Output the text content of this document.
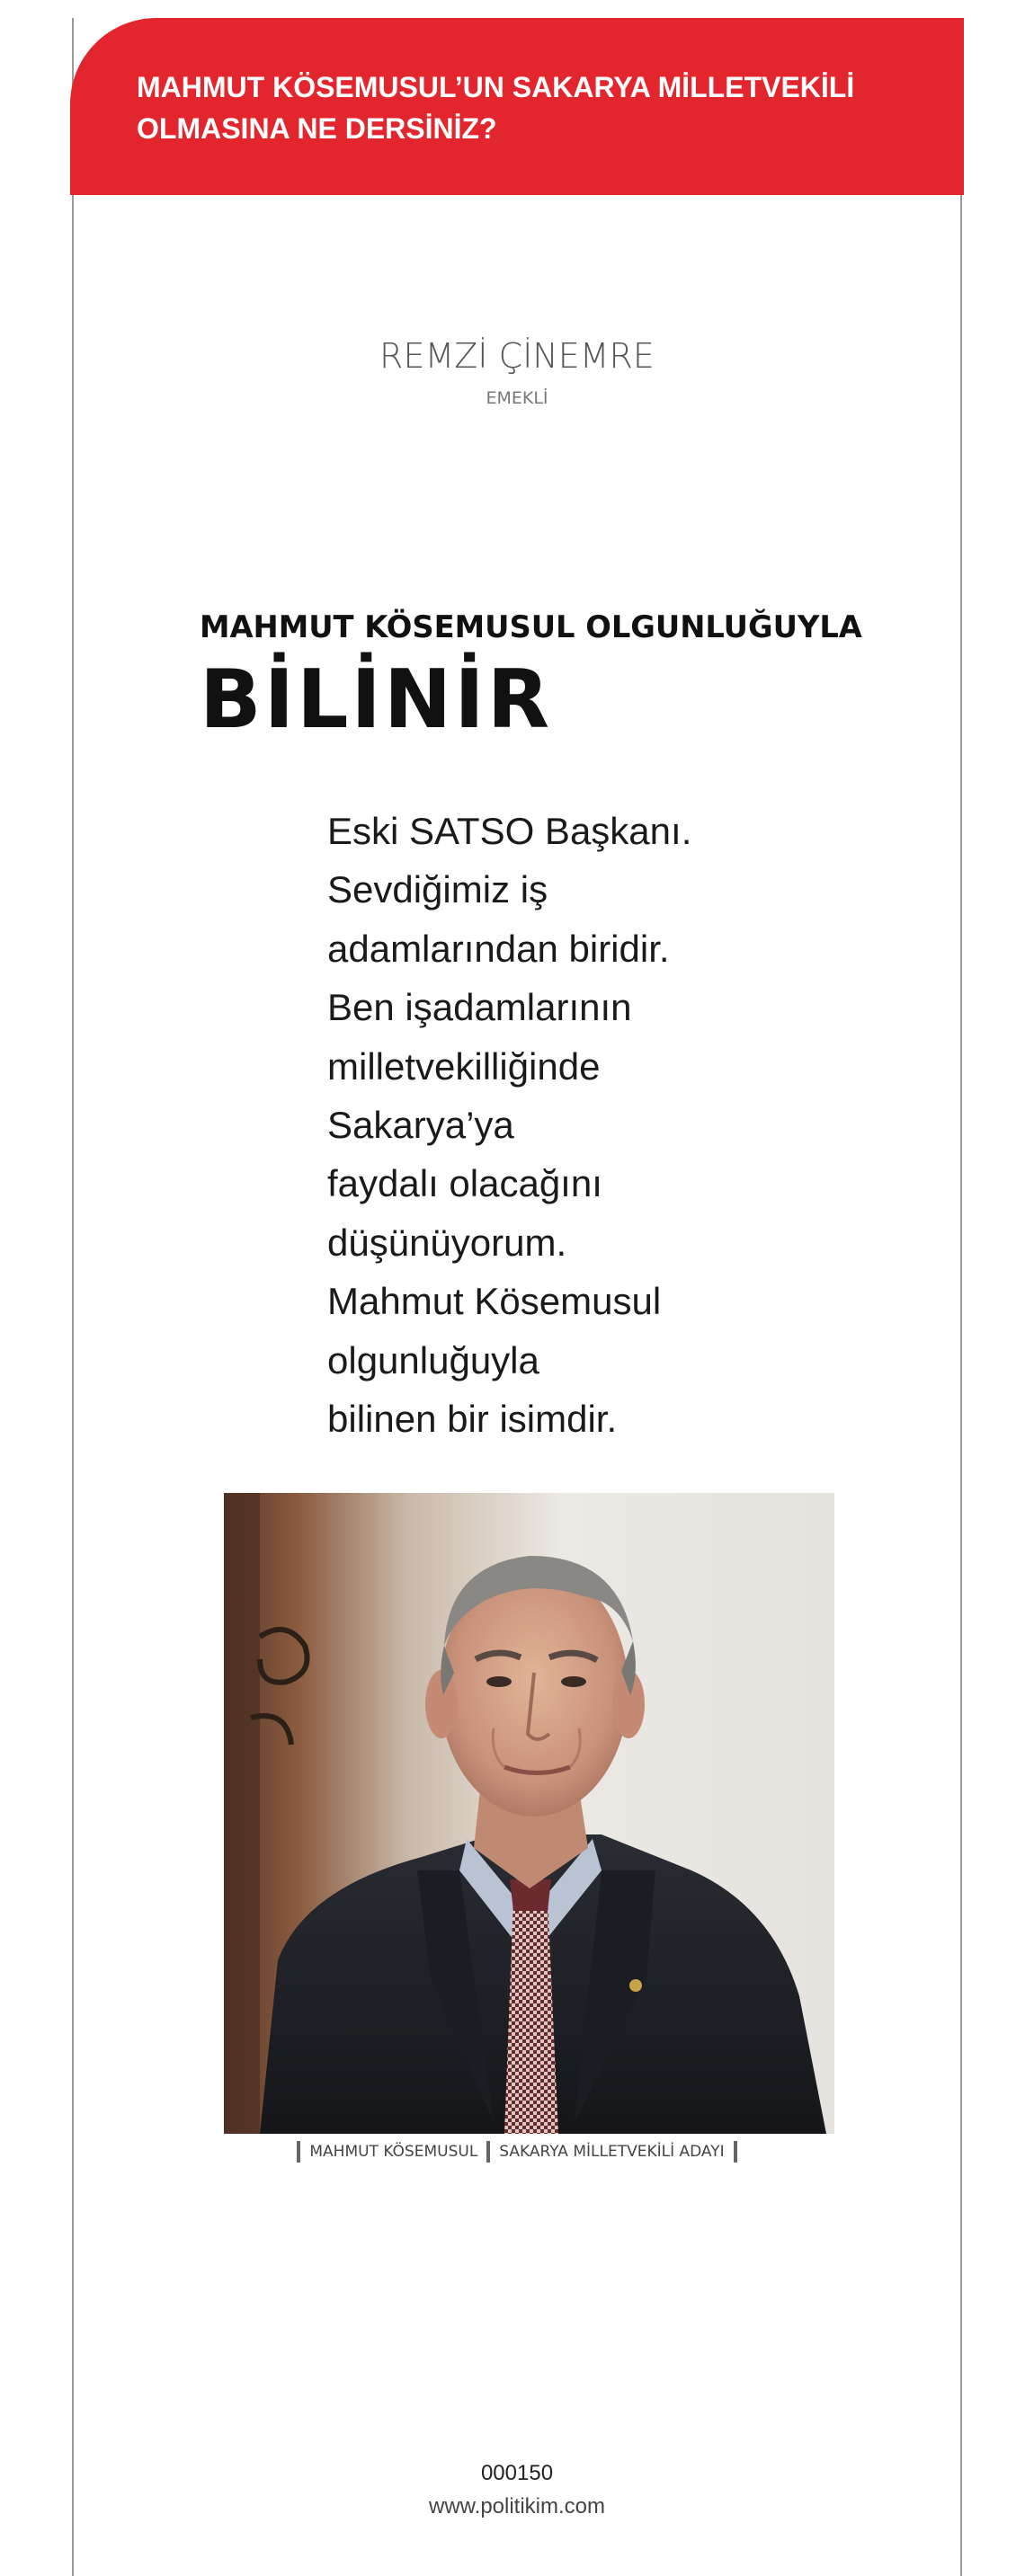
MAHMUT KÖSEMUSUL’UN SAKARYA MİLLETVEKİLİ
OLMASINA NE DERSİNİZ?

REMZİ ÇİNEMRE

EMEKLİ

MAHMUT KÖSEMUSUL OLGUNLUĞUYLA
BİLİNİR
Eski SATSO Başkanı.
Sevdiğimiz iş
adamlarından biridir.
Ben işadamlarının
milletvekilliğinde
Sakarya’ya
faydalı olacağını
düşünüyorum.
Mahmut Kösemusul
olgunluğuyla
bilinen bir isimdir.
MAHMUT KÖSEMUSUL SAKARYA MİLLETVEKİLİ ADAYI

000150

www.politikim.com
